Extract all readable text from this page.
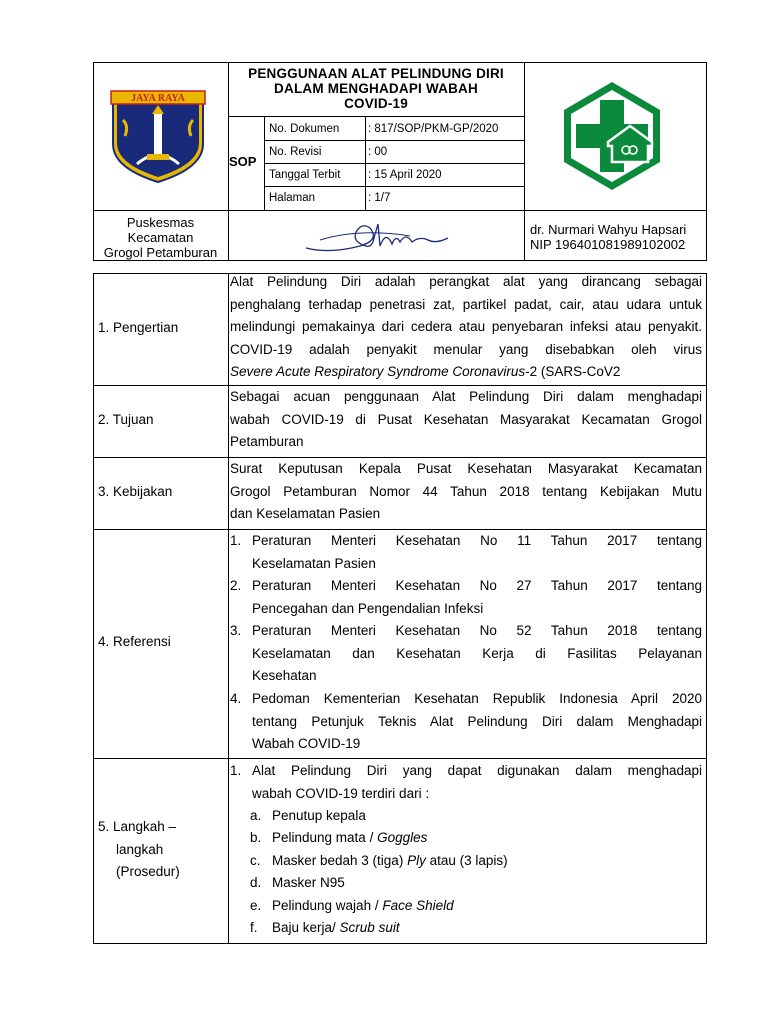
JAYA RAYA
PENGGUNAAN ALAT PELINDUNG DIRI
DALAM MENGHADAPI WABAH
COVID-19
SOP
No. Dokumen : 817/SOP/PKM-GP/2020
No. Revisi	: 00
Tanggal Terbit : 15 April 2020
Halaman	: 1/7
Puskesmas
Kecamatan
Grogol Petamburan
dr. Nurmari Wahyu Hapsari
NIP 196401081989102002
1. Pengertian
Alat Pelindung Diri adalah perangkat alat yang dirancang sebagai
penghalang terhadap penetrasi zat, partikel padat, cair, atau udara untuk
melindungi pemakainya dari cedera atau penyebaran infeksi atau penyakit.
COVID-19 adalah penyakit menular yang disebabkan oleh virus
Severe Acute Respiratory Syndrome Coronavirus-2 (SARS-CoV2
2. Tujuan
Sebagai acuan penggunaan Alat Pelindung Diri dalam menghadapi
wabah COVID-19 di Pusat Kesehatan Masyarakat Kecamatan Grogol
Petamburan
3. Kebijakan
Surat Keputusan Kepala Pusat Kesehatan Masyarakat Kecamatan
Grogol Petamburan Nomor 44 Tahun 2018 tentang Kebijakan Mutu
dan Keselamatan Pasien
4. Referensi
1. Peraturan Menteri Kesehatan No 11 Tahun 2017 tentang
Keselamatan Pasien
2. Peraturan Menteri Kesehatan No 27 Tahun 2017 tentang
Pencegahan dan Pengendalian Infeksi
3. Peraturan Menteri Kesehatan No 52 Tahun 2018 tentang
Keselamatan dan Kesehatan Kerja di Fasilitas Pelayanan
Kesehatan
4. Pedoman Kementerian Kesehatan Republik Indonesia April 2020
tentang Petunjuk Teknis Alat Pelindung Diri dalam Menghadapi
Wabah COVID-19
5. Langkah –
langkah
(Prosedur)
1. Alat Pelindung Diri yang dapat digunakan dalam menghadapi
wabah COVID-19 terdiri dari :
a. Penutup kepala
b. Pelindung mata / Goggles
c. Masker bedah 3 (tiga) Ply atau (3 lapis)
d. Masker N95
e. Pelindung wajah / Face Shield
f. Baju kerja/ Scrub suit
